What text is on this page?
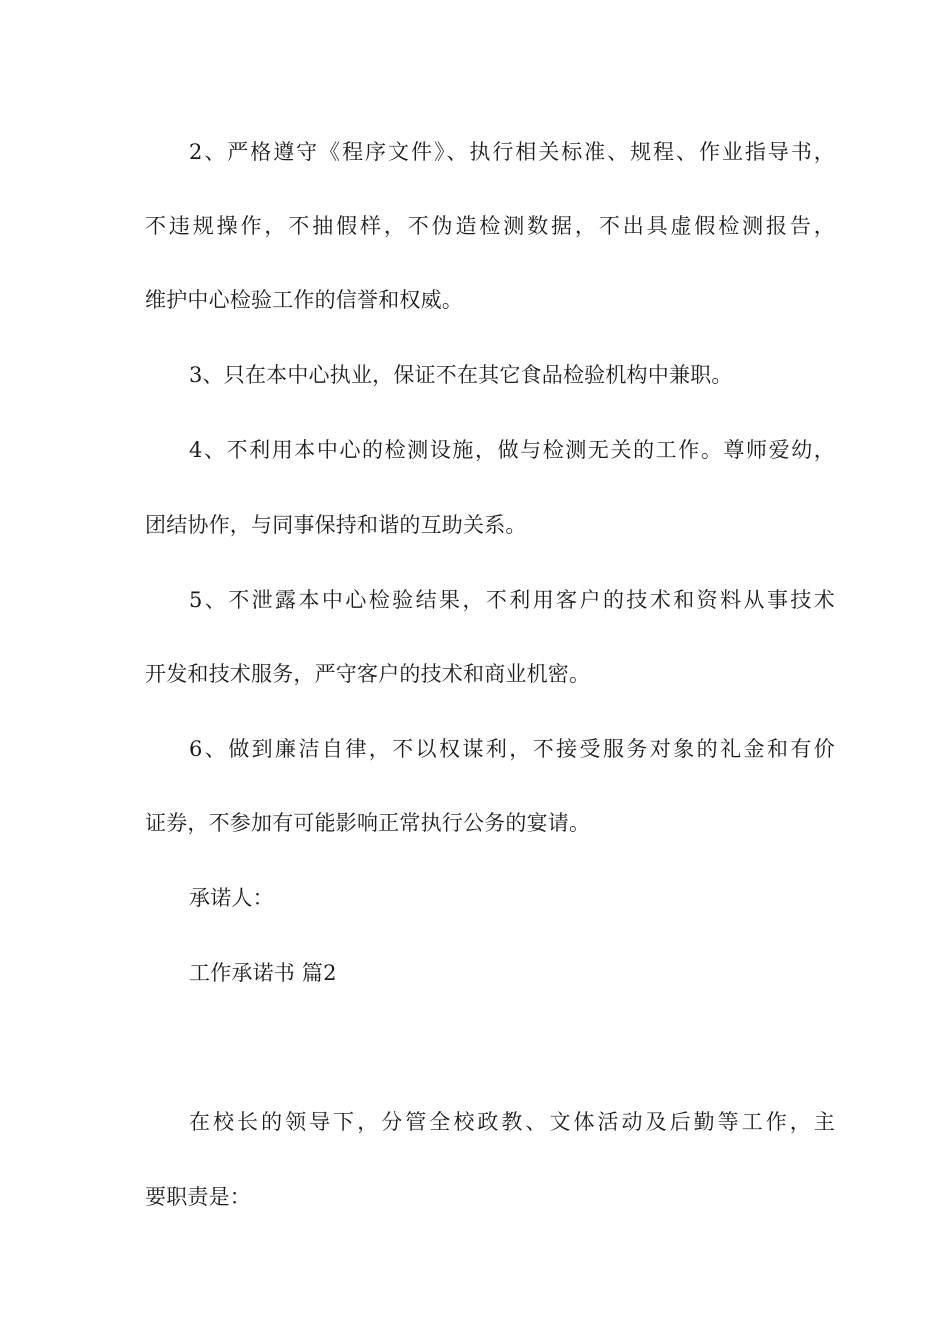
2、严格遵守《程序文件》、执行相关标准、规程、作业指导书，
不违规操作，不抽假样，不伪造检测数据，不出具虚假检测报告，
维护中心检验工作的信誉和权威。
3、只在本中心执业，保证不在其它食品检验机构中兼职。
4、不利用本中心的检测设施，做与检测无关的工作。尊师爱幼，
团结协作，与同事保持和谐的互助关系。
5、不泄露本中心检验结果，不利用客户的技术和资料从事技术
开发和技术服务，严守客户的技术和商业机密。
6、做到廉洁自律，不以权谋利，不接受服务对象的礼金和有价
证券，不参加有可能影响正常执行公务的宴请。
承诺人：
工作承诺书 篇2
在校长的领导下，分管全校政教、文体活动及后勤等工作，主
要职责是：
